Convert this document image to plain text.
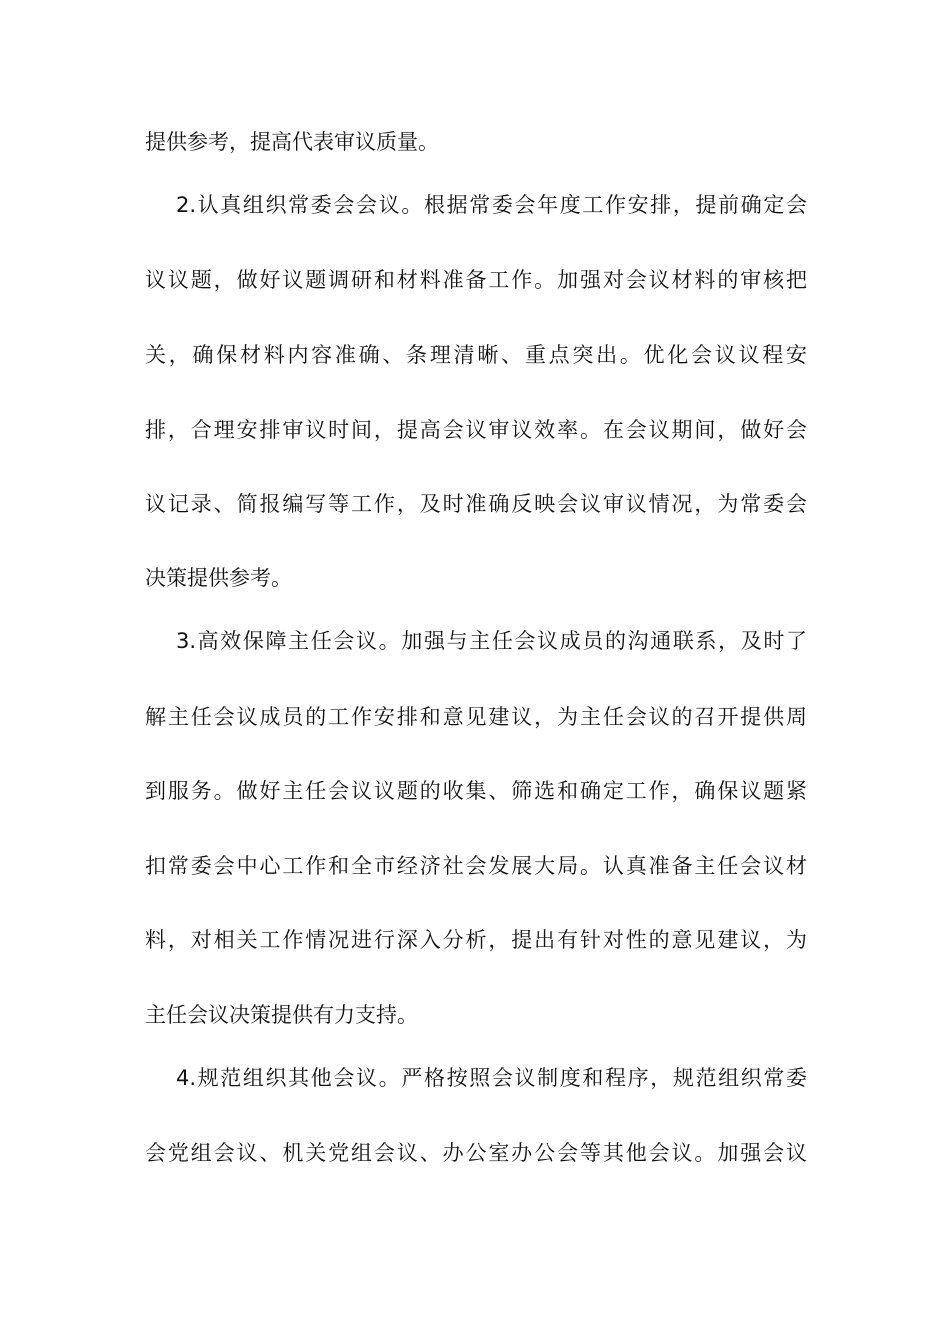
提供参考，提高代表审议质量。
2.认真组织常委会会议。根据常委会年度工作安排，提前确定会
议议题，做好议题调研和材料准备工作。加强对会议材料的审核把
关，确保材料内容准确、条理清晰、重点突出。优化会议议程安
排，合理安排审议时间，提高会议审议效率。在会议期间，做好会
议记录、简报编写等工作，及时准确反映会议审议情况，为常委会
决策提供参考。
3.高效保障主任会议。加强与主任会议成员的沟通联系，及时了
解主任会议成员的工作安排和意见建议，为主任会议的召开提供周
到服务。做好主任会议议题的收集、筛选和确定工作，确保议题紧
扣常委会中心工作和全市经济社会发展大局。认真准备主任会议材
料，对相关工作情况进行深入分析，提出有针对性的意见建议，为
主任会议决策提供有力支持。
4.规范组织其他会议。严格按照会议制度和程序，规范组织常委
会党组会议、机关党组会议、办公室办公会等其他会议。加强会议
